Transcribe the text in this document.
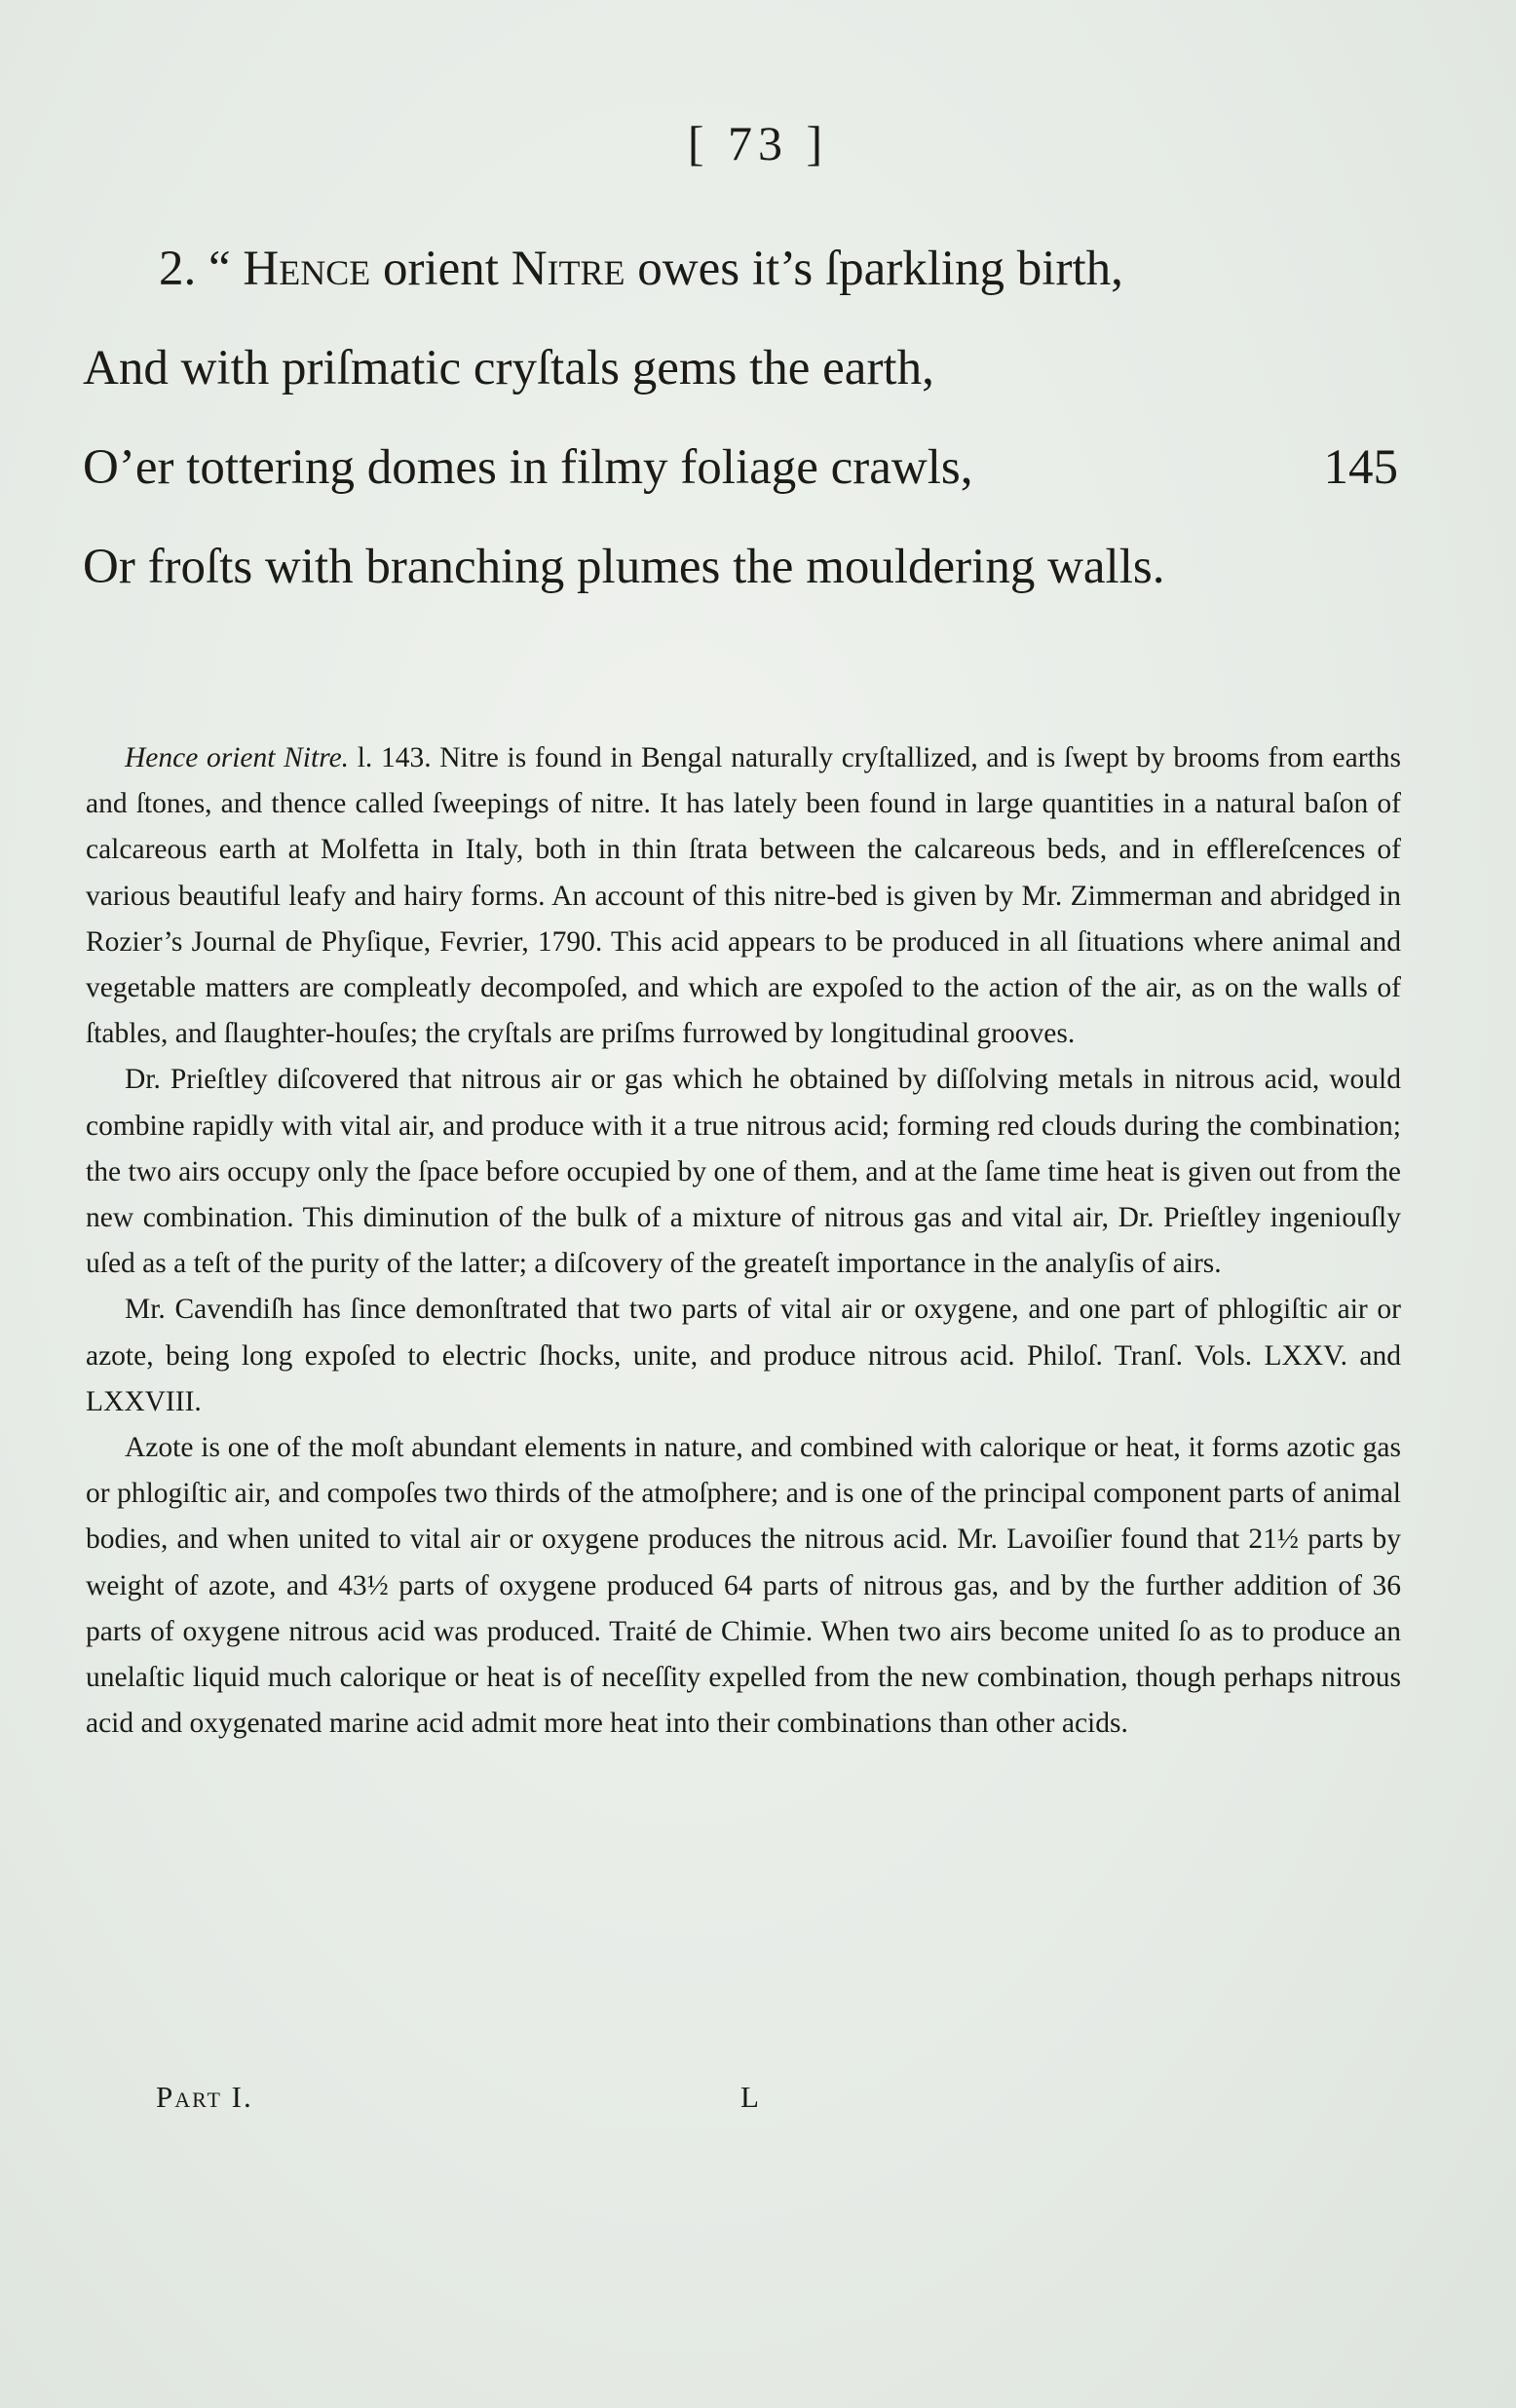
[ 73 ]
2. “ Hence orient Nitre owes it’s ſparkling birth,
And with priſmatic cryſtals gems the earth,
O’er tottering domes in filmy foliage crawls,	145
Or froſts with branching plumes the mouldering walls.

Hence orient Nitre. l. 143. Nitre is found in Bengal naturally cryſtallized, and is ſwept by brooms from earths and ſtones, and thence called ſweepings of nitre. It has lately been found in large quantities in a natural baſon of calcareous earth at Molfetta in Italy, both in thin ſtrata between the calcareous beds, and in efflereſcences of various beautiful leafy and hairy forms. An account of this nitre-bed is given by Mr. Zimmerman and abridged in Rozier’s Journal de Phyſique, Fevrier, 1790. This acid appears to be produced in all ſituations where animal and vegetable matters are compleatly decompoſed, and which are expoſed to the action of the air, as on the walls of ſtables, and ſlaughter-houſes; the cryſtals are priſms furrowed by longitudinal grooves.

Dr. Prieſtley diſcovered that nitrous air or gas which he obtained by diſſolving metals in nitrous acid, would combine rapidly with vital air, and produce with it a true nitrous acid; forming red clouds during the combination; the two airs occupy only the ſpace before occupied by one of them, and at the ſame time heat is given out from the new combination. This diminution of the bulk of a mixture of nitrous gas and vital air, Dr. Prieſtley ingeniouſly uſed as a teſt of the purity of the latter; a diſcovery of the greateſt importance in the analyſis of airs.

Mr. Cavendiſh has ſince demonſtrated that two parts of vital air or oxygene, and one part of phlogiſtic air or azote, being long expoſed to electric ſhocks, unite, and produce nitrous acid. Philoſ. Tranſ. Vols. LXXV. and LXXVIII.

Azote is one of the moſt abundant elements in nature, and combined with calorique or heat, it forms azotic gas or phlogiſtic air, and compoſes two thirds of the atmoſphere; and is one of the principal component parts of animal bodies, and when united to vital air or oxygene produces the nitrous acid. Mr. Lavoiſier found that 21½ parts by weight of azote, and 43½ parts of oxygene produced 64 parts of nitrous gas, and by the further addition of 36 parts of oxygene nitrous acid was produced. Traité de Chimie. When two airs become united ſo as to produce an unelaſtic liquid much calorique or heat is of neceſſity expelled from the new combination, though perhaps nitrous acid and oxygenated marine acid admit more heat into their combinations than other acids.

Part I.	L
